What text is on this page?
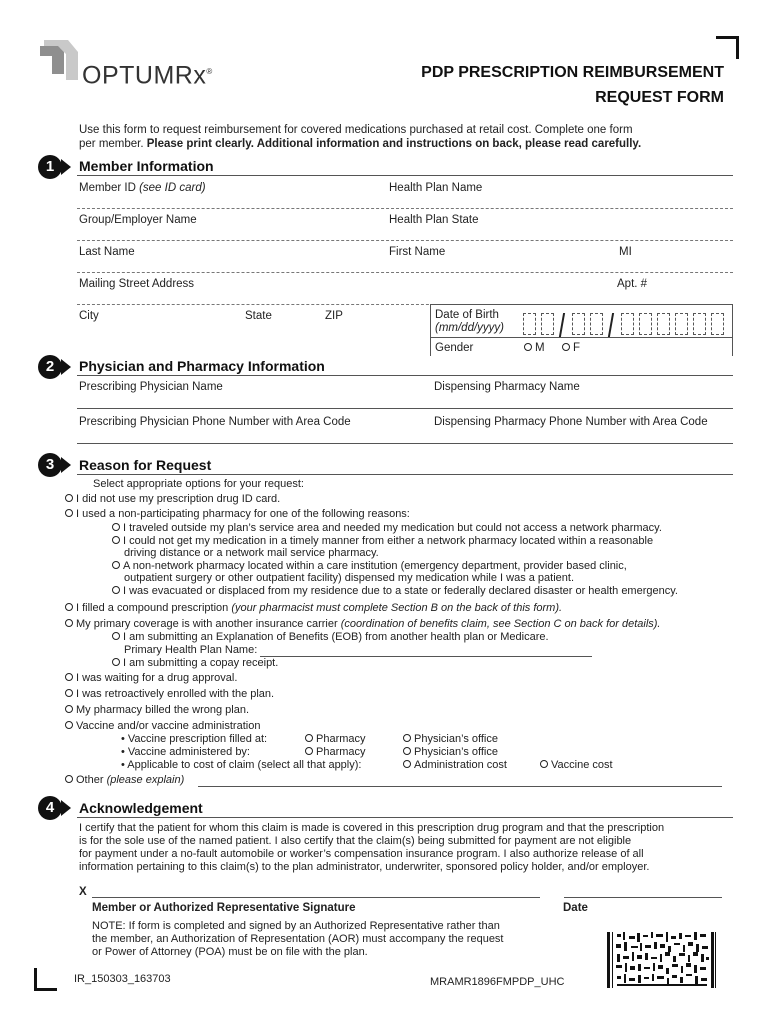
OPTUMRx®	PDP PRESCRIPTION REIMBURSEMENT
REQUEST FORM
Use this form to request reimbursement for covered medications purchased at retail cost. Complete one form
per member. Please print clearly. Additional information and instructions on back, please read carefully.
1	Member Information
Member ID (see ID card)	Health Plan Name
Group/Employer Name	Health Plan State
Last Name	First Name	MI
Mailing Street Address	Apt. #
City	State	ZIP	Date of Birth
(mm/dd/yyyy)
Gender	M	F
2	Physician and Pharmacy Information
Prescribing Physician Name	Dispensing Pharmacy Name
Prescribing Physician Phone Number with Area Code	Dispensing Pharmacy Phone Number with Area Code
3	Reason for Request
Select appropriate options for your request:
I did not use my prescription drug ID card.
I used a non-participating pharmacy for one of the following reasons:
I traveled outside my plan’s service area and needed my medication but could not access a network pharmacy.
I could not get my medication in a timely manner from either a network pharmacy located within a reasonable
driving distance or a network mail service pharmacy.
A non-network pharmacy located within a care institution (emergency department, provider based clinic,
outpatient surgery or other outpatient facility) dispensed my medication while I was a patient.
I was evacuated or displaced from my residence due to a state or federally declared disaster or health emergency.
I filled a compound prescription (your pharmacist must complete Section B on the back of this form).
My primary coverage is with another insurance carrier (coordination of benefits claim, see Section C on back for details).
I am submitting an Explanation of Benefits (EOB) from another health plan or Medicare.
Primary Health Plan Name:
I am submitting a copay receipt.
I was waiting for a drug approval.
I was retroactively enrolled with the plan.
My pharmacy billed the wrong plan.
Vaccine and/or vaccine administration
• Vaccine prescription filled at:	Pharmacy	Physician’s office
• Vaccine administered by:	Pharmacy	Physician’s office
• Applicable to cost of claim (select all that apply):	Administration cost	Vaccine cost
Other (please explain)
4	Acknowledgement
I certify that the patient for whom this claim is made is covered in this prescription drug program and that the prescription
is for the sole use of the named patient. I also certify that the claim(s) being submitted for payment are not eligible
for payment under a no-fault automobile or worker’s compensation insurance program. I also authorize release of all
information pertaining to this claim(s) to the plan administrator, underwriter, sponsored policy holder, and/or employer.
X
Member or Authorized Representative Signature	Date
NOTE: If form is completed and signed by an Authorized Representative rather than
the member, an Authorization of Representation (AOR) must accompany the request
or Power of Attorney (POA) must be on file with the plan.
IR_150303_163703	MRAMR1896FMPDP_UHC
